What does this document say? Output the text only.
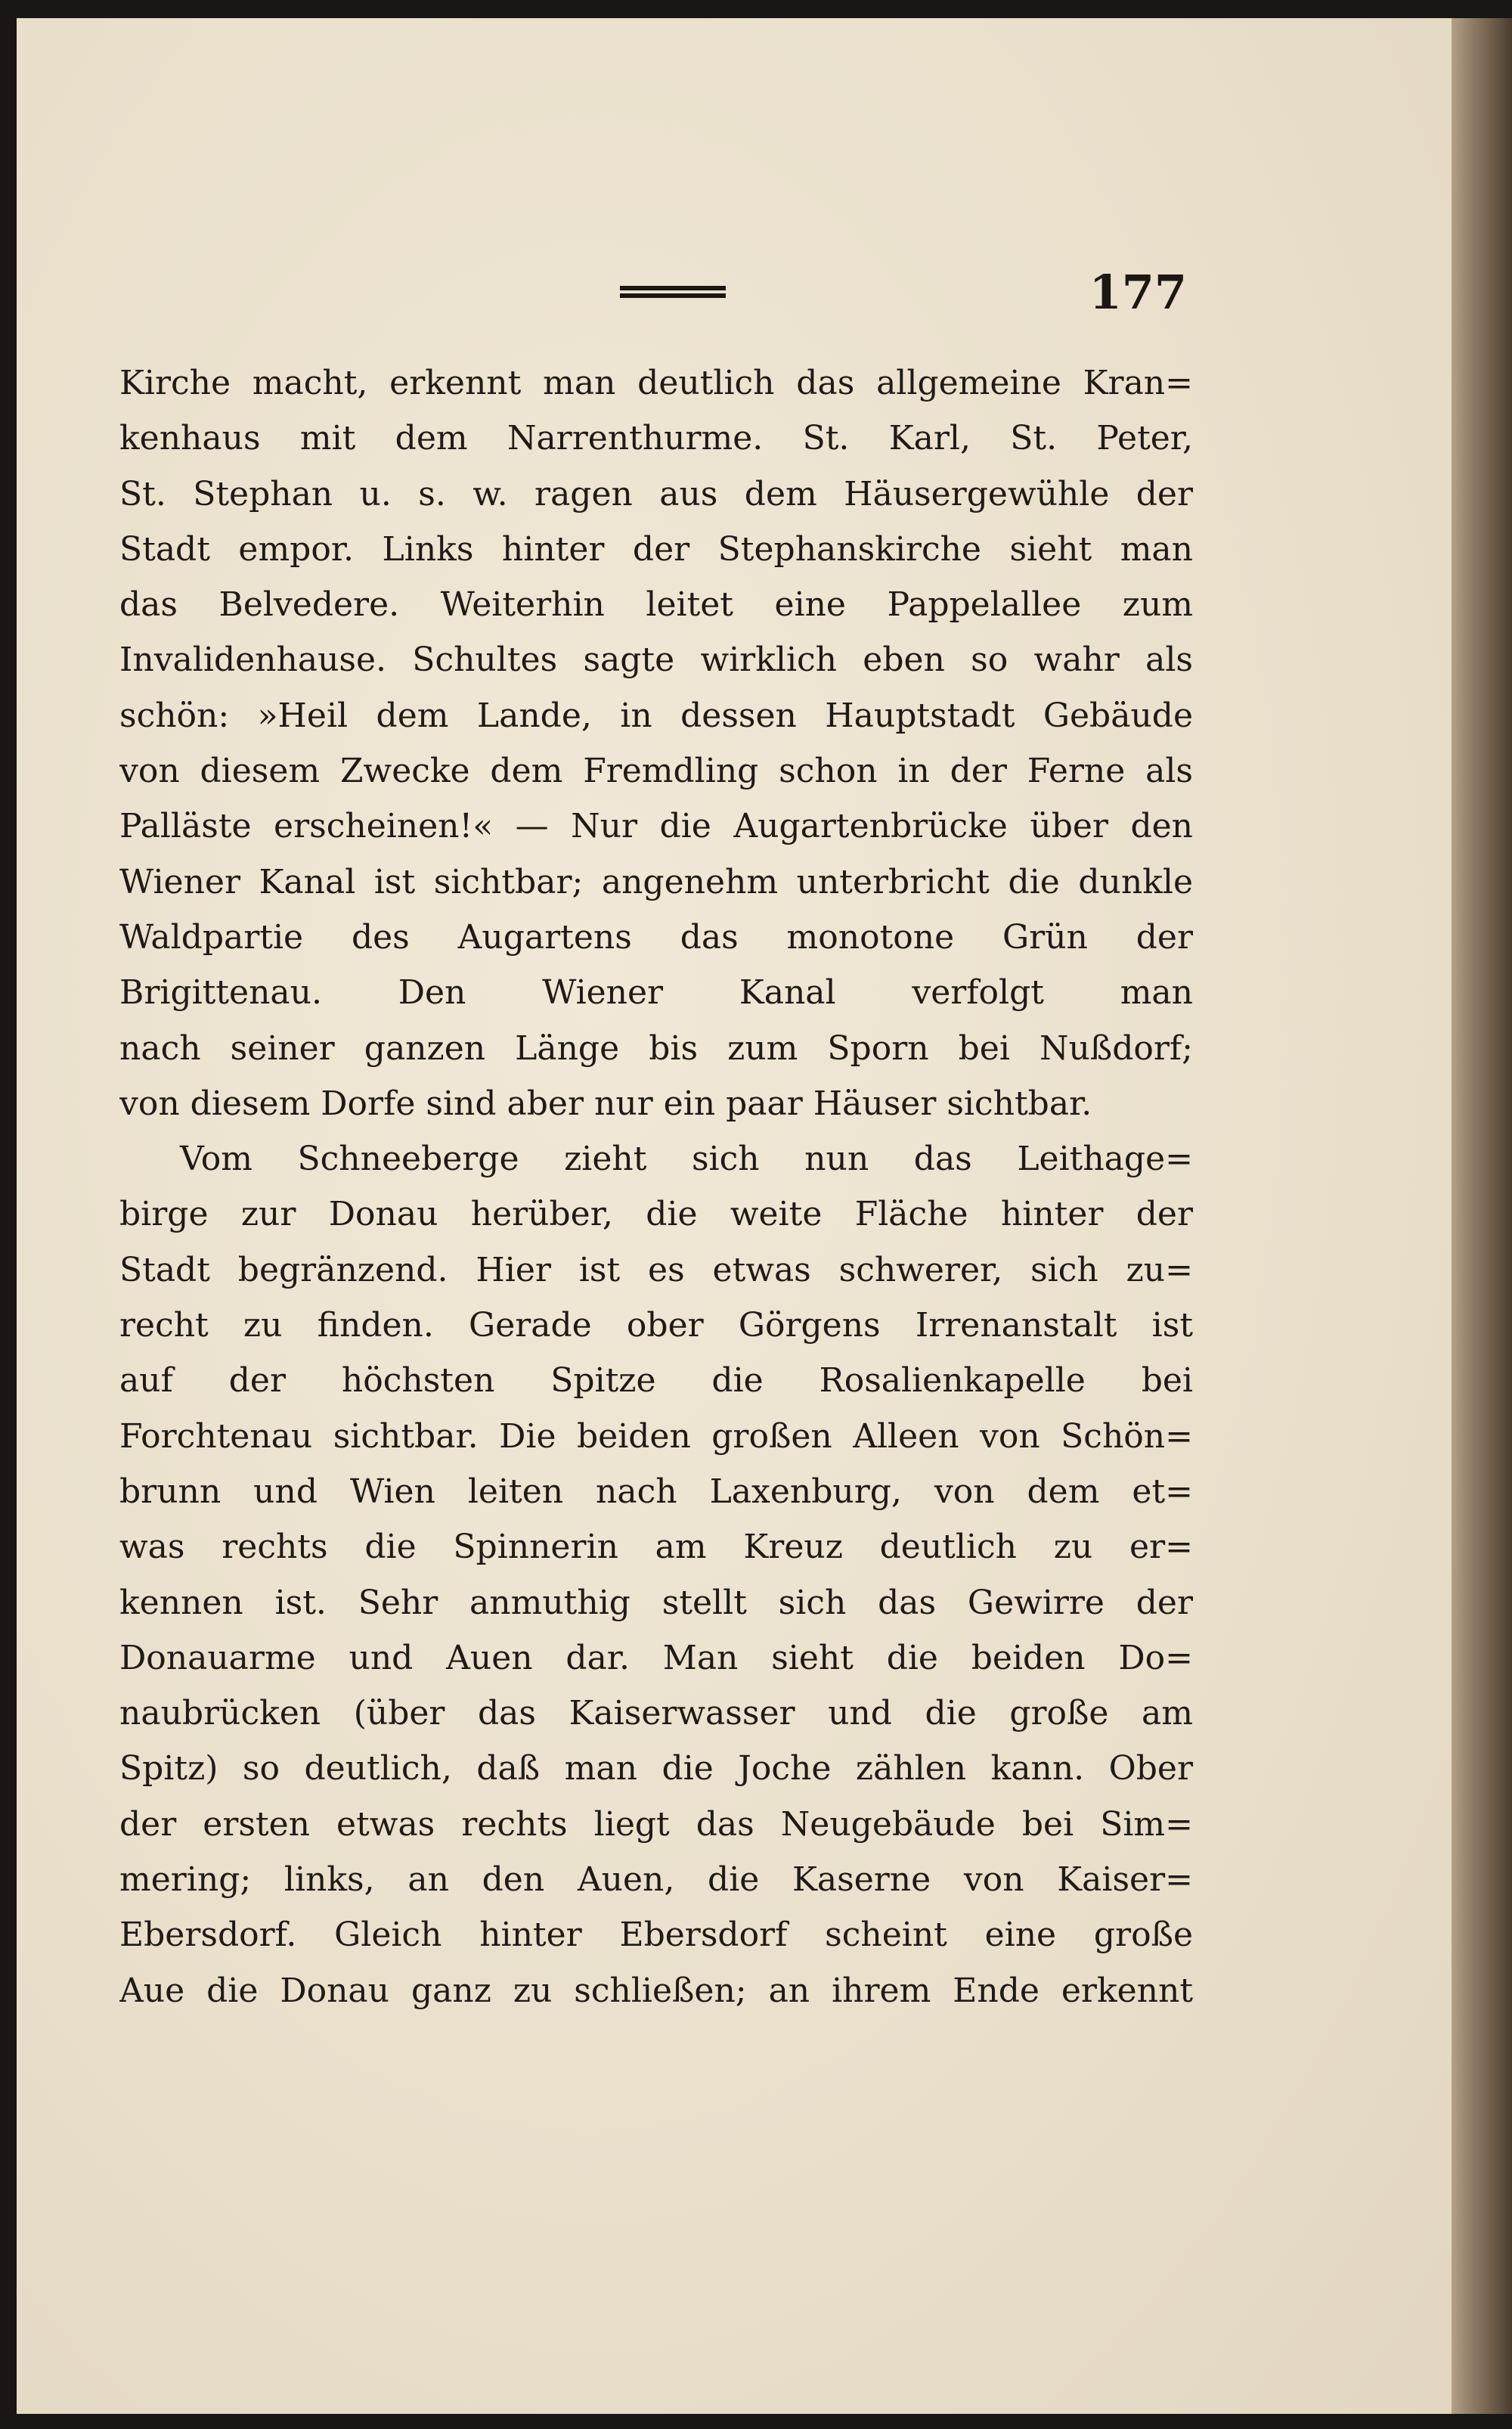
177
Kirche macht, erkennt man deutlich das allgemeine Kran=
kenhaus mit dem Narrenthurme. St. Karl, St. Peter,
St. Stephan u. s. w. ragen aus dem Häusergewühle der
Stadt empor. Links hinter der Stephanskirche sieht man
das Belvedere. Weiterhin leitet eine Pappelallee zum
Invalidenhause. Schultes sagte wirklich eben so wahr als
schön: »Heil dem Lande, in dessen Hauptstadt Gebäude
von diesem Zwecke dem Fremdling schon in der Ferne als
Palläste erscheinen!« — Nur die Augartenbrücke über den
Wiener Kanal ist sichtbar; angenehm unterbricht die dunkle
Waldpartie des Augartens das monotone Grün der
Brigittenau. Den Wiener Kanal verfolgt man
nach seiner ganzen Länge bis zum Sporn bei Nußdorf;
von diesem Dorfe sind aber nur ein paar Häuser sichtbar.
Vom Schneeberge zieht sich nun das Leithage=
birge zur Donau herüber, die weite Fläche hinter der
Stadt begränzend. Hier ist es etwas schwerer, sich zu=
recht zu finden. Gerade ober Görgens Irrenanstalt ist
auf der höchsten Spitze die Rosalienkapelle bei
Forchtenau sichtbar. Die beiden großen Alleen von Schön=
brunn und Wien leiten nach Laxenburg, von dem et=
was rechts die Spinnerin am Kreuz deutlich zu er=
kennen ist. Sehr anmuthig stellt sich das Gewirre der
Donauarme und Auen dar. Man sieht die beiden Do=
naubrücken (über das Kaiserwasser und die große am
Spitz) so deutlich, daß man die Joche zählen kann. Ober
der ersten etwas rechts liegt das Neugebäude bei Sim=
mering; links, an den Auen, die Kaserne von Kaiser=
Ebersdorf. Gleich hinter Ebersdorf scheint eine große
Aue die Donau ganz zu schließen; an ihrem Ende erkennt
